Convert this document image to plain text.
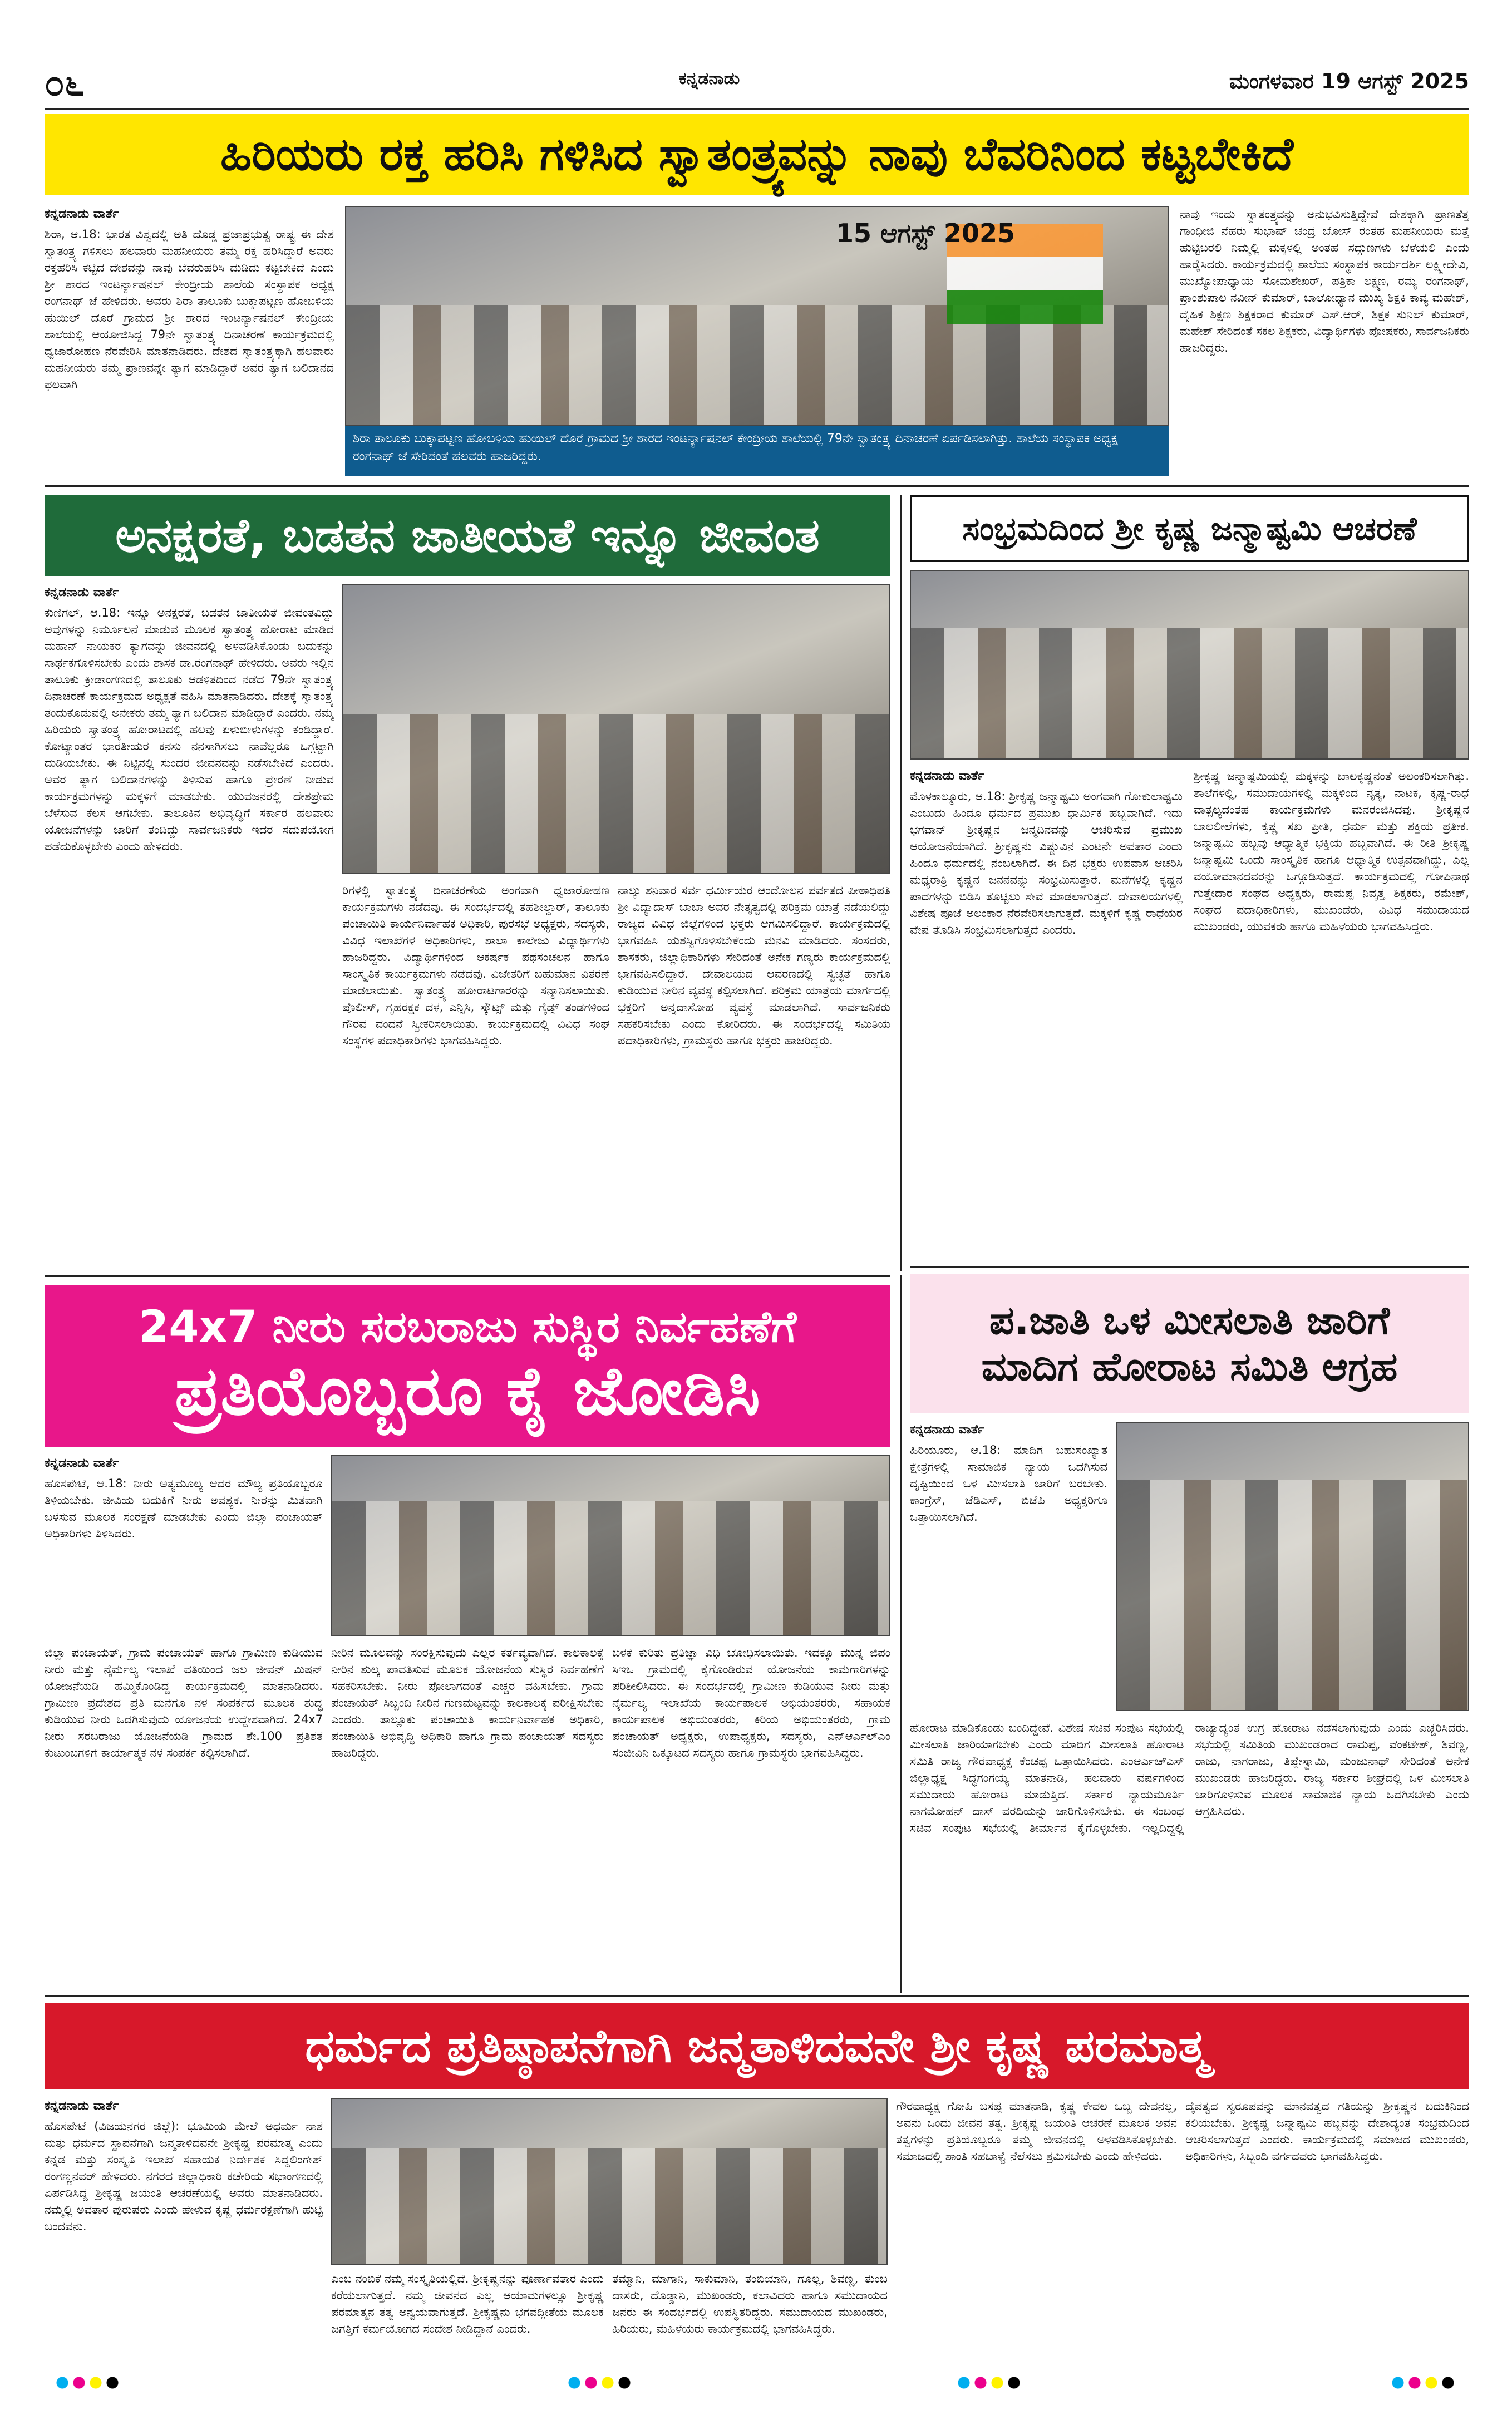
೦೬	ಕನ್ನಡನಾಡು	ಮಂಗಳವಾರ 19 ಆಗಸ್ಟ್ 2025
ಹಿರಿಯರು ರಕ್ತ ಹರಿಸಿ ಗಳಿಸಿದ ಸ್ವಾತಂತ್ರ್ಯವನ್ನು ನಾವು ಬೆವರಿನಿಂದ ಕಟ್ಟಬೇಕಿದೆ

ಕನ್ನಡನಾಡು ವಾರ್ತೆ

ಶಿರಾ, ಆ.18: ಭಾರತ ವಿಶ್ವದಲ್ಲಿ ಅತಿ ದೊಡ್ಡ ಪ್ರಜಾಪ್ರಭುತ್ವ ರಾಷ್ಟ್ರ ಈ ದೇಶ ಸ್ವಾತಂತ್ರ್ಯ ಗಳಿಸಲು ಹಲವಾರು ಮಹನೀಯರು ತಮ್ಮ ರಕ್ತ ಹರಿಸಿದ್ದಾರೆ ಅವರು ರಕ್ತಹರಿಸಿ ಕಟ್ಟಿದ ದೇಶವನ್ನು ನಾವು ಬೆವರುಹರಿಸಿ ದುಡಿದು ಕಟ್ಟಬೇಕಿದೆ ಎಂದು ಶ್ರೀ ಶಾರದ ಇಂಟರ್ನ್ಯಾಷನಲ್ ಕೇಂದ್ರೀಯ ಶಾಲೆಯ ಸಂಸ್ಥಾಪಕ ಅಧ್ಯಕ್ಷ ರಂಗನಾಥ್ ಜೆ ಹೇಳಿದರು. ಅವರು ಶಿರಾ ತಾಲೂಕು ಬುಕ್ಕಾಪಟ್ಟಣ ಹೋಬಳಿಯ ಹುಯಿಲ್ ದೊರೆ ಗ್ರಾಮದ ಶ್ರೀ ಶಾರದ ಇಂಟರ್ನ್ಯಾಷನಲ್ ಕೇಂದ್ರೀಯ ಶಾಲೆಯಲ್ಲಿ ಆಯೋಜಿಸಿದ್ದ 79ನೇ ಸ್ವಾತಂತ್ರ್ಯ ದಿನಾಚರಣೆ ಕಾರ್ಯಕ್ರಮದಲ್ಲಿ ಧ್ವಜಾರೋಹಣ ನೆರವೇರಿಸಿ ಮಾತನಾಡಿದರು. ದೇಶದ ಸ್ವಾತಂತ್ರ್ಯಕ್ಕಾಗಿ ಹಲವಾರು ಮಹನೀಯರು ತಮ್ಮ ಪ್ರಾಣವನ್ನೇ ತ್ಯಾಗ ಮಾಡಿದ್ದಾರೆ ಅವರ ತ್ಯಾಗ ಬಲಿದಾನದ ಫಲವಾಗಿ

15 ಆಗಸ್ಟ್ 2025
ಶಿರಾ ತಾಲೂಕು ಬುಕ್ಕಾಪಟ್ಟಣ ಹೋಬಳಿಯ ಹುಯಿಲ್ ದೊರೆ ಗ್ರಾಮದ ಶ್ರೀ ಶಾರದ ಇಂಟರ್ನ್ಯಾಷನಲ್ ಕೇಂದ್ರೀಯ ಶಾಲೆಯಲ್ಲಿ 79ನೇ ಸ್ವಾತಂತ್ರ್ಯ ದಿನಾಚರಣೆ ಏರ್ಪಡಿಸಲಾಗಿತ್ತು. ಶಾಲೆಯ ಸಂಸ್ಥಾಪಕ ಅಧ್ಯಕ್ಷ ರಂಗನಾಥ್ ಜೆ ಸೇರಿದಂತೆ ಹಲವರು ಹಾಜರಿದ್ದರು.

ನಾವು ಇಂದು ಸ್ವಾತಂತ್ರ್ಯವನ್ನು ಅನುಭವಿಸುತ್ತಿದ್ದೇವೆ ದೇಶಕ್ಕಾಗಿ ಪ್ರಾಣತೆತ್ತ ಗಾಂಧೀಜಿ ನೆಹರು ಸುಭಾಷ್ ಚಂದ್ರ ಬೋಸ್ ರಂತಹ ಮಹನೀಯರು ಮತ್ತೆ ಹುಟ್ಟಿಬರಲಿ ನಿಮ್ಮಲ್ಲಿ ಮಕ್ಕಳಲ್ಲಿ ಅಂತಹ ಸದ್ಗುಣಗಳು ಬೆಳೆಯಲಿ ಎಂದು ಹಾರೈಸಿದರು. ಕಾರ್ಯಕ್ರಮದಲ್ಲಿ ಶಾಲೆಯ ಸಂಸ್ಥಾಪಕ ಕಾರ್ಯದರ್ಶಿ ಲಕ್ಷ್ಮೀದೇವಿ, ಮುಖ್ಯೋಪಾಧ್ಯಾಯ ಸೋಮಶೇಖರ್, ಪತ್ರಿಕಾ ಲಕ್ಷ್ಮಣ, ರಮ್ಯ ರಂಗನಾಥ್, ಪ್ರಾಂಶುಪಾಲ ನವೀನ್ ಕುಮಾರ್, ಬಾಲೋಧ್ಯಾನ ಮುಖ್ಯ ಶಿಕ್ಷಕಿ ಕಾವ್ಯ ಮಹೇಶ್, ದೈಹಿಕ ಶಿಕ್ಷಣ ಶಿಕ್ಷಕರಾದ ಕುಮಾರ್ ಎಸ್.ಆರ್, ಶಿಕ್ಷಕ ಸುನಿಲ್ ಕುಮಾರ್, ಮಹೇಶ್ ಸೇರಿದಂತೆ ಸಕಲ ಶಿಕ್ಷಕರು, ವಿದ್ಯಾರ್ಥಿಗಳು ಪೋಷಕರು, ಸಾರ್ವಜನಿಕರು ಹಾಜರಿದ್ದರು.

ಅನಕ್ಷರತೆ, ಬಡತನ ಜಾತೀಯತೆ ಇನ್ನೂ ಜೀವಂತ

ಕನ್ನಡನಾಡು ವಾರ್ತೆ

ಕುಣಿಗಲ್, ಆ.18: ಇನ್ನೂ ಅನಕ್ಷರತೆ, ಬಡತನ ಜಾತೀಯತೆ ಜೀವಂತವಿದ್ದು ಅವುಗಳನ್ನು ನಿರ್ಮೂಲನೆ ಮಾಡುವ ಮೂಲಕ ಸ್ವಾತಂತ್ರ್ಯ ಹೋರಾಟ ಮಾಡಿದ ಮಹಾನ್ ನಾಯಕರ ತ್ಯಾಗವನ್ನು ಜೀವನದಲ್ಲಿ ಅಳವಡಿಸಿಕೊಂಡು ಬದುಕನ್ನು ಸಾರ್ಥಕಗೊಳಿಸಬೇಕು ಎಂದು ಶಾಸಕ ಡಾ.ರಂಗನಾಥ್ ಹೇಳಿದರು. ಅವರು ಇಲ್ಲಿನ ತಾಲೂಕು ಕ್ರೀಡಾಂಗಣದಲ್ಲಿ ತಾಲೂಕು ಆಡಳಿತದಿಂದ ನಡೆದ 79ನೇ ಸ್ವಾತಂತ್ರ್ಯ ದಿನಾಚರಣೆ ಕಾರ್ಯಕ್ರಮದ ಅಧ್ಯಕ್ಷತೆ ವಹಿಸಿ ಮಾತನಾಡಿದರು. ದೇಶಕ್ಕೆ ಸ್ವಾತಂತ್ರ್ಯ ತಂದುಕೊಡುವಲ್ಲಿ ಅನೇಕರು ತಮ್ಮ ತ್ಯಾಗ ಬಲಿದಾನ ಮಾಡಿದ್ದಾರೆ ಎಂದರು. ನಮ್ಮ ಹಿರಿಯರು ಸ್ವಾತಂತ್ರ್ಯ ಹೋರಾಟದಲ್ಲಿ ಹಲವು ಏಳುಬೀಳುಗಳನ್ನು ಕಂಡಿದ್ದಾರೆ. ಕೋಟ್ಯಾಂತರ ಭಾರತೀಯರ ಕನಸು ನನಸಾಗಿಸಲು ನಾವೆಲ್ಲರೂ ಒಗ್ಗಟ್ಟಾಗಿ ದುಡಿಯಬೇಕು. ಈ ನಿಟ್ಟಿನಲ್ಲಿ ಸುಂದರ ಜೀವನವನ್ನು ನಡೆಸಬೇಕಿದೆ ಎಂದರು. ಅವರ ತ್ಯಾಗ ಬಲಿದಾನಗಳನ್ನು ತಿಳಿಸುವ ಹಾಗೂ ಪ್ರೇರಣೆ ನೀಡುವ ಕಾರ್ಯಕ್ರಮಗಳನ್ನು ಮಕ್ಕಳಿಗೆ ಮಾಡಬೇಕು. ಯುವಜನರಲ್ಲಿ ದೇಶಪ್ರೇಮ ಬೆಳೆಸುವ ಕೆಲಸ ಆಗಬೇಕು. ತಾಲೂಕಿನ ಅಭಿವೃದ್ಧಿಗೆ ಸರ್ಕಾರ ಹಲವಾರು ಯೋಜನೆಗಳನ್ನು ಜಾರಿಗೆ ತಂದಿದ್ದು ಸಾರ್ವಜನಿಕರು ಇದರ ಸದುಪಯೋಗ ಪಡೆದುಕೊಳ್ಳಬೇಕು ಎಂದು ಹೇಳಿದರು.

ರಿಗಳಲ್ಲಿ ಸ್ವಾತಂತ್ರ್ಯ ದಿನಾಚರಣೆಯ ಅಂಗವಾಗಿ ಧ್ವಜಾರೋಹಣ ಕಾರ್ಯಕ್ರಮಗಳು ನಡೆದವು. ಈ ಸಂದರ್ಭದಲ್ಲಿ ತಹಶೀಲ್ದಾರ್, ತಾಲೂಕು ಪಂಚಾಯಿತಿ ಕಾರ್ಯನಿರ್ವಾಹಕ ಅಧಿಕಾರಿ, ಪುರಸಭೆ ಅಧ್ಯಕ್ಷರು, ಸದಸ್ಯರು, ವಿವಿಧ ಇಲಾಖೆಗಳ ಅಧಿಕಾರಿಗಳು, ಶಾಲಾ ಕಾಲೇಜು ವಿದ್ಯಾರ್ಥಿಗಳು ಹಾಜರಿದ್ದರು. ವಿದ್ಯಾರ್ಥಿಗಳಿಂದ ಆಕರ್ಷಕ ಪಥಸಂಚಲನ ಹಾಗೂ ಸಾಂಸ್ಕೃತಿಕ ಕಾರ್ಯಕ್ರಮಗಳು ನಡೆದವು. ವಿಜೇತರಿಗೆ ಬಹುಮಾನ ವಿತರಣೆ ಮಾಡಲಾಯಿತು. ಸ್ವಾತಂತ್ರ್ಯ ಹೋರಾಟಗಾರರನ್ನು ಸನ್ಮಾನಿಸಲಾಯಿತು. ಪೊಲೀಸ್, ಗೃಹರಕ್ಷಕ ದಳ, ಎನ್ಸಿಸಿ, ಸ್ಕೌಟ್ಸ್ ಮತ್ತು ಗೈಡ್ಸ್ ತಂಡಗಳಿಂದ ಗೌರವ ವಂದನೆ ಸ್ವೀಕರಿಸಲಾಯಿತು. ಕಾರ್ಯಕ್ರಮದಲ್ಲಿ ವಿವಿಧ ಸಂಘ ಸಂಸ್ಥೆಗಳ ಪದಾಧಿಕಾರಿಗಳು ಭಾಗವಹಿಸಿದ್ದರು.

ನಾಲ್ಕು ಶನಿವಾರ ಸರ್ವ ಧರ್ಮೀಯರ ಆಂದೋಲನ ಪರ್ವತದ ಪೀಠಾಧಿಪತಿ ಶ್ರೀ ವಿದ್ಯಾದಾಸ್ ಬಾಬಾ ಅವರ ನೇತೃತ್ವದಲ್ಲಿ ಪರಿಕ್ರಮ ಯಾತ್ರೆ ನಡೆಯಲಿದ್ದು ರಾಜ್ಯದ ವಿವಿಧ ಜಿಲ್ಲೆಗಳಿಂದ ಭಕ್ತರು ಆಗಮಿಸಲಿದ್ದಾರೆ. ಕಾರ್ಯಕ್ರಮದಲ್ಲಿ ಭಾಗವಹಿಸಿ ಯಶಸ್ವಿಗೊಳಿಸಬೇಕೆಂದು ಮನವಿ ಮಾಡಿದರು. ಸಂಸದರು, ಶಾಸಕರು, ಜಿಲ್ಲಾಧಿಕಾರಿಗಳು ಸೇರಿದಂತೆ ಅನೇಕ ಗಣ್ಯರು ಕಾರ್ಯಕ್ರಮದಲ್ಲಿ ಭಾಗವಹಿಸಲಿದ್ದಾರೆ. ದೇವಾಲಯದ ಆವರಣದಲ್ಲಿ ಸ್ವಚ್ಛತೆ ಹಾಗೂ ಕುಡಿಯುವ ನೀರಿನ ವ್ಯವಸ್ಥೆ ಕಲ್ಪಿಸಲಾಗಿದೆ. ಪರಿಕ್ರಮ ಯಾತ್ರೆಯ ಮಾರ್ಗದಲ್ಲಿ ಭಕ್ತರಿಗೆ ಅನ್ನದಾಸೋಹ ವ್ಯವಸ್ಥೆ ಮಾಡಲಾಗಿದೆ. ಸಾರ್ವಜನಿಕರು ಸಹಕರಿಸಬೇಕು ಎಂದು ಕೋರಿದರು. ಈ ಸಂದರ್ಭದಲ್ಲಿ ಸಮಿತಿಯ ಪದಾಧಿಕಾರಿಗಳು, ಗ್ರಾಮಸ್ಥರು ಹಾಗೂ ಭಕ್ತರು ಹಾಜರಿದ್ದರು.

ಸಂಭ್ರಮದಿಂದ ಶ್ರೀ ಕೃಷ್ಣ ಜನ್ಮಾಷ್ಟಮಿ ಆಚರಣೆ

ಕನ್ನಡನಾಡು ವಾರ್ತೆ

ಮೊಳಕಾಲ್ಮೂರು, ಆ.18: ಶ್ರೀಕೃಷ್ಣ ಜನ್ಮಾಷ್ಟಮಿ ಅಂಗವಾಗಿ ಗೋಕುಲಾಷ್ಟಮಿ ಎಂಬುದು ಹಿಂದೂ ಧರ್ಮದ ಪ್ರಮುಖ ಧಾರ್ಮಿಕ ಹಬ್ಬವಾಗಿದೆ. ಇದು ಭಗವಾನ್ ಶ್ರೀಕೃಷ್ಣನ ಜನ್ಮದಿನವನ್ನು ಆಚರಿಸುವ ಪ್ರಮುಖ ಆಯೋಜನೆಯಾಗಿದೆ. ಶ್ರೀಕೃಷ್ಣನು ವಿಷ್ಣುವಿನ ಎಂಟನೇ ಅವತಾರ ಎಂದು ಹಿಂದೂ ಧರ್ಮದಲ್ಲಿ ನಂಬಲಾಗಿದೆ. ಈ ದಿನ ಭಕ್ತರು ಉಪವಾಸ ಆಚರಿಸಿ ಮಧ್ಯರಾತ್ರಿ ಕೃಷ್ಣನ ಜನನವನ್ನು ಸಂಭ್ರಮಿಸುತ್ತಾರೆ. ಮನೆಗಳಲ್ಲಿ ಕೃಷ್ಣನ ಪಾದಗಳನ್ನು ಬಿಡಿಸಿ ತೊಟ್ಟಿಲು ಸೇವೆ ಮಾಡಲಾಗುತ್ತದೆ. ದೇವಾಲಯಗಳಲ್ಲಿ ವಿಶೇಷ ಪೂಜೆ ಅಲಂಕಾರ ನೆರವೇರಿಸಲಾಗುತ್ತದೆ. ಮಕ್ಕಳಿಗೆ ಕೃಷ್ಣ ರಾಧೆಯರ ವೇಷ ತೊಡಿಸಿ ಸಂಭ್ರಮಿಸಲಾಗುತ್ತದೆ ಎಂದರು.

ಶ್ರೀಕೃಷ್ಣ ಜನ್ಮಾಷ್ಟಮಿಯಲ್ಲಿ ಮಕ್ಕಳನ್ನು ಬಾಲಕೃಷ್ಣನಂತೆ ಅಲಂಕರಿಸಲಾಗಿತ್ತು. ಶಾಲೆಗಳಲ್ಲಿ, ಸಮುದಾಯಗಳಲ್ಲಿ ಮಕ್ಕಳಿಂದ ನೃತ್ಯ, ನಾಟಕ, ಕೃಷ್ಣ-ರಾಧೆ ವಾತ್ಸಲ್ಯದಂತಹ ಕಾರ್ಯಕ್ರಮಗಳು ಮನರಂಜಿಸಿದವು. ಶ್ರೀಕೃಷ್ಣನ ಬಾಲಲೀಲೆಗಳು, ಕೃಷ್ಣ ಸಖ ಪ್ರೀತಿ, ಧರ್ಮ ಮತ್ತು ಶಕ್ತಿಯ ಪ್ರತೀಕ. ಜನ್ಮಾಷ್ಟಮಿ ಹಬ್ಬವು ಆಧ್ಯಾತ್ಮಿಕ ಭಕ್ತಿಯ ಹಬ್ಬವಾಗಿದೆ. ಈ ರೀತಿ ಶ್ರೀಕೃಷ್ಣ ಜನ್ಮಾಷ್ಟಮಿ ಒಂದು ಸಾಂಸ್ಕೃತಿಕ ಹಾಗೂ ಆಧ್ಯಾತ್ಮಿಕ ಉತ್ಸವವಾಗಿದ್ದು, ಎಲ್ಲ ವಯೋಮಾನದವರನ್ನು ಒಗ್ಗೂಡಿಸುತ್ತದೆ. ಕಾರ್ಯಕ್ರಮದಲ್ಲಿ ಗೋಪಿನಾಥ ಗುತ್ತೇದಾರ ಸಂಘದ ಅಧ್ಯಕ್ಷರು, ರಾಮಪ್ಪ ನಿವೃತ್ತ ಶಿಕ್ಷಕರು, ರಮೇಶ್, ಸಂಘದ ಪದಾಧಿಕಾರಿಗಳು, ಮುಖಂಡರು, ವಿವಿಧ ಸಮುದಾಯದ ಮುಖಂಡರು, ಯುವಕರು ಹಾಗೂ ಮಹಿಳೆಯರು ಭಾಗವಹಿಸಿದ್ದರು.

ಪ.ಜಾತಿ ಒಳ ಮೀಸಲಾತಿ ಜಾರಿಗೆ
ಮಾದಿಗ ಹೋರಾಟ ಸಮಿತಿ ಆಗ್ರಹ

ಕನ್ನಡನಾಡು ವಾರ್ತೆ

ಹಿರಿಯೂರು, ಆ.18: ಮಾದಿಗ ಬಹುಸಂಖ್ಯಾತ ಕ್ಷೇತ್ರಗಳಲ್ಲಿ ಸಾಮಾಜಿಕ ನ್ಯಾಯ ಒದಗಿಸುವ ದೃಷ್ಟಿಯಿಂದ ಒಳ ಮೀಸಲಾತಿ ಜಾರಿಗೆ ಬರಬೇಕು. ಕಾಂಗ್ರೆಸ್, ಜೆಡಿಎಸ್, ಬಿಜೆಪಿ ಅಧ್ಯಕ್ಷರಿಗೂ ಒತ್ತಾಯಿಸಲಾಗಿದೆ.

ಹೋರಾಟ ಮಾಡಿಕೊಂಡು ಬಂದಿದ್ದೇವೆ. ವಿಶೇಷ ಸಚಿವ ಸಂಪುಟ ಸಭೆಯಲ್ಲಿ ಮೀಸಲಾತಿ ಜಾರಿಯಾಗಬೇಕು ಎಂದು ಮಾದಿಗ ಮೀಸಲಾತಿ ಹೋರಾಟ ಸಮಿತಿ ರಾಜ್ಯ ಗೌರವಾಧ್ಯಕ್ಷ ಕೆಂಚಪ್ಪ ಒತ್ತಾಯಿಸಿದರು. ಎಂಆರ್ಎಚ್ಎಸ್ ಜಿಲ್ಲಾಧ್ಯಕ್ಷ ಸಿದ್ಧಗಂಗಯ್ಯ ಮಾತನಾಡಿ, ಹಲವಾರು ವರ್ಷಗಳಿಂದ ಸಮುದಾಯ ಹೋರಾಟ ಮಾಡುತ್ತಿದೆ. ಸರ್ಕಾರ ನ್ಯಾಯಮೂರ್ತಿ ನಾಗಮೋಹನ್ ದಾಸ್ ವರದಿಯನ್ನು ಜಾರಿಗೊಳಿಸಬೇಕು. ಈ ಸಂಬಂಧ ಸಚಿವ ಸಂಪುಟ ಸಭೆಯಲ್ಲಿ ತೀರ್ಮಾನ ಕೈಗೊಳ್ಳಬೇಕು. ಇಲ್ಲದಿದ್ದಲ್ಲಿ ರಾಜ್ಯಾದ್ಯಂತ ಉಗ್ರ ಹೋರಾಟ ನಡೆಸಲಾಗುವುದು ಎಂದು ಎಚ್ಚರಿಸಿದರು. ಸಭೆಯಲ್ಲಿ ಸಮಿತಿಯ ಮುಖಂಡರಾದ ರಾಮಪ್ಪ, ವೆಂಕಟೇಶ್, ಶಿವಣ್ಣ, ರಾಜು, ನಾಗರಾಜು, ತಿಪ್ಪೇಸ್ವಾಮಿ, ಮಂಜುನಾಥ್ ಸೇರಿದಂತೆ ಅನೇಕ ಮುಖಂಡರು ಹಾಜರಿದ್ದರು. ರಾಜ್ಯ ಸರ್ಕಾರ ಶೀಘ್ರದಲ್ಲಿ ಒಳ ಮೀಸಲಾತಿ ಜಾರಿಗೊಳಿಸುವ ಮೂಲಕ ಸಾಮಾಜಿಕ ನ್ಯಾಯ ಒದಗಿಸಬೇಕು ಎಂದು ಆಗ್ರಹಿಸಿದರು.

24x7 ನೀರು ಸರಬರಾಜು ಸುಸ್ಥಿರ ನಿರ್ವಹಣೆಗೆ
ಪ್ರತಿಯೊಬ್ಬರೂ ಕೈ ಜೋಡಿಸಿ

ಕನ್ನಡನಾಡು ವಾರ್ತೆ

ಹೊಸಪೇಟೆ, ಆ.18: ನೀರು ಅತ್ಯಮೂಲ್ಯ ಆದರ ಮೌಲ್ಯ ಪ್ರತಿಯೊಬ್ಬರೂ ತಿಳಿಯಬೇಕು. ಜೀವಿಯ ಬದುಕಿಗೆ ನೀರು ಅವಶ್ಯಕ. ನೀರನ್ನು ಮಿತವಾಗಿ ಬಳಸುವ ಮೂಲಕ ಸಂರಕ್ಷಣೆ ಮಾಡಬೇಕು ಎಂದು ಜಿಲ್ಲಾ ಪಂಚಾಯತ್ ಅಧಿಕಾರಿಗಳು ತಿಳಿಸಿದರು.

ಜಿಲ್ಲಾ ಪಂಚಾಯತ್, ಗ್ರಾಮ ಪಂಚಾಯತ್ ಹಾಗೂ ಗ್ರಾಮೀಣ ಕುಡಿಯುವ ನೀರು ಮತ್ತು ನೈರ್ಮಲ್ಯ ಇಲಾಖೆ ವತಿಯಿಂದ ಜಲ ಜೀವನ್ ಮಿಷನ್ ಯೋಜನೆಯಡಿ ಹಮ್ಮಿಕೊಂಡಿದ್ದ ಕಾರ್ಯಕ್ರಮದಲ್ಲಿ ಮಾತನಾಡಿದರು. ಗ್ರಾಮೀಣ ಪ್ರದೇಶದ ಪ್ರತಿ ಮನೆಗೂ ನಳ ಸಂಪರ್ಕದ ಮೂಲಕ ಶುದ್ಧ ಕುಡಿಯುವ ನೀರು ಒದಗಿಸುವುದು ಯೋಜನೆಯ ಉದ್ದೇಶವಾಗಿದೆ. 24x7 ನೀರು ಸರಬರಾಜು ಯೋಜನೆಯಡಿ ಗ್ರಾಮದ ಶೇ.100 ಪ್ರತಿಶತ ಕುಟುಂಬಗಳಿಗೆ ಕಾರ್ಯಾತ್ಮಕ ನಳ ಸಂಪರ್ಕ ಕಲ್ಪಿಸಲಾಗಿದೆ.

ನೀರಿನ ಮೂಲವನ್ನು ಸಂರಕ್ಷಿಸುವುದು ಎಲ್ಲರ ಕರ್ತವ್ಯವಾಗಿದೆ. ಕಾಲಕಾಲಕ್ಕೆ ನೀರಿನ ಶುಲ್ಕ ಪಾವತಿಸುವ ಮೂಲಕ ಯೋಜನೆಯ ಸುಸ್ಥಿರ ನಿರ್ವಹಣೆಗೆ ಸಹಕರಿಸಬೇಕು. ನೀರು ಪೋಲಾಗದಂತೆ ಎಚ್ಚರ ವಹಿಸಬೇಕು. ಗ್ರಾಮ ಪಂಚಾಯತ್ ಸಿಬ್ಬಂದಿ ನೀರಿನ ಗುಣಮಟ್ಟವನ್ನು ಕಾಲಕಾಲಕ್ಕೆ ಪರೀಕ್ಷಿಸಬೇಕು ಎಂದರು. ತಾಲ್ಲೂಕು ಪಂಚಾಯಿತಿ ಕಾರ್ಯನಿರ್ವಾಹಕ ಅಧಿಕಾರಿ, ಪಂಚಾಯಿತಿ ಅಭಿವೃದ್ಧಿ ಅಧಿಕಾರಿ ಹಾಗೂ ಗ್ರಾಮ ಪಂಚಾಯತ್ ಸದಸ್ಯರು ಹಾಜರಿದ್ದರು.

ಬಳಕೆ ಕುರಿತು ಪ್ರತಿಜ್ಞಾ ವಿಧಿ ಬೋಧಿಸಲಾಯಿತು. ಇದಕ್ಕೂ ಮುನ್ನ ಜಿಪಂ ಸಿಇಒ ಗ್ರಾಮದಲ್ಲಿ ಕೈಗೊಂಡಿರುವ ಯೋಜನೆಯ ಕಾಮಗಾರಿಗಳನ್ನು ಪರಿಶೀಲಿಸಿದರು. ಈ ಸಂದರ್ಭದಲ್ಲಿ ಗ್ರಾಮೀಣ ಕುಡಿಯುವ ನೀರು ಮತ್ತು ನೈರ್ಮಲ್ಯ ಇಲಾಖೆಯ ಕಾರ್ಯಪಾಲಕ ಅಭಿಯಂತರರು, ಸಹಾಯಕ ಕಾರ್ಯಪಾಲಕ ಅಭಿಯಂತರರು, ಕಿರಿಯ ಅಭಿಯಂತರರು, ಗ್ರಾಮ ಪಂಚಾಯತ್ ಅಧ್ಯಕ್ಷರು, ಉಪಾಧ್ಯಕ್ಷರು, ಸದಸ್ಯರು, ಎನ್ಆರ್ಎಲ್ಎಂ ಸಂಜೀವಿನಿ ಒಕ್ಕೂಟದ ಸದಸ್ಯರು ಹಾಗೂ ಗ್ರಾಮಸ್ಥರು ಭಾಗವಹಿಸಿದ್ದರು.

ಧರ್ಮದ ಪ್ರತಿಷ್ಠಾಪನೆಗಾಗಿ ಜನ್ಮತಾಳಿದವನೇ ಶ್ರೀ ಕೃಷ್ಣ ಪರಮಾತ್ಮ

ಕನ್ನಡನಾಡು ವಾರ್ತೆ

ಹೊಸಪೇಟೆ (ವಿಜಯನಗರ ಜಿಲ್ಲೆ): ಭೂಮಿಯ ಮೇಲೆ ಅಧರ್ಮ ನಾಶ ಮತ್ತು ಧರ್ಮದ ಸ್ಥಾಪನೆಗಾಗಿ ಜನ್ಮತಾಳಿದವನೇ ಶ್ರೀಕೃಷ್ಣ ಪರಮಾತ್ಮ ಎಂದು ಕನ್ನಡ ಮತ್ತು ಸಂಸ್ಕೃತಿ ಇಲಾಖೆ ಸಹಾಯಕ ನಿರ್ದೇಶಕ ಸಿದ್ದಲಿಂಗೇಶ್ ರಂಗಣ್ಣನವರ್ ಹೇಳಿದರು. ನಗರದ ಜಿಲ್ಲಾಧಿಕಾರಿ ಕಚೇರಿಯ ಸಭಾಂಗಣದಲ್ಲಿ ಏರ್ಪಡಿಸಿದ್ದ ಶ್ರೀಕೃಷ್ಣ ಜಯಂತಿ ಆಚರಣೆಯಲ್ಲಿ ಅವರು ಮಾತನಾಡಿದರು. ನಮ್ಮಲ್ಲಿ ಅವತಾರ ಪುರುಷರು ಎಂದು ಹೇಳುವ ಕೃಷ್ಣ ಧರ್ಮರಕ್ಷಣೆಗಾಗಿ ಹುಟ್ಟಿ ಬಂದವನು.

ಎಂಬ ನಂಬಿಕೆ ನಮ್ಮ ಸಂಸ್ಕೃತಿಯಲ್ಲಿದೆ. ಶ್ರೀಕೃಷ್ಣನನ್ನು ಪೂರ್ಣಾವತಾರ ಎಂದು ಕರೆಯಲಾಗುತ್ತದೆ. ನಮ್ಮ ಜೀವನದ ಎಲ್ಲ ಆಯಾಮಗಳಲ್ಲೂ ಶ್ರೀಕೃಷ್ಣ ಪರಮಾತ್ಮನ ತತ್ವ ಅನ್ವಯವಾಗುತ್ತದೆ. ಶ್ರೀಕೃಷ್ಣನು ಭಗವದ್ಗೀತೆಯ ಮೂಲಕ ಜಗತ್ತಿಗೆ ಕರ್ಮಯೋಗದ ಸಂದೇಶ ನೀಡಿದ್ದಾನೆ ಎಂದರು.

ತಮ್ಮಾನಿ, ಮಾಗಾನಿ, ಸಾಕುಮಾನಿ, ತಂಬಿಯಾನಿ, ಗೊಲ್ಲ, ಶಿವಣ್ಣ, ತುಂಬ ದಾಸರು, ದೊಡ್ಡಾನಿ, ಮುಖಂಡರು, ಕಲಾವಿದರು ಹಾಗೂ ಸಮುದಾಯದ ಜನರು ಈ ಸಂದರ್ಭದಲ್ಲಿ ಉಪಸ್ಥಿತರಿದ್ದರು. ಸಮುದಾಯದ ಮುಖಂಡರು, ಹಿರಿಯರು, ಮಹಿಳೆಯರು ಕಾರ್ಯಕ್ರಮದಲ್ಲಿ ಭಾಗವಹಿಸಿದ್ದರು.

ಗೌರವಾಧ್ಯಕ್ಷ ಗೋಪಿ ಬಸಪ್ಪ ಮಾತನಾಡಿ, ಕೃಷ್ಣ ಕೇವಲ ಒಬ್ಬ ದೇವನಲ್ಲ, ಅವನು ಒಂದು ಜೀವನ ತತ್ವ. ಶ್ರೀಕೃಷ್ಣ ಜಯಂತಿ ಆಚರಣೆ ಮೂಲಕ ಅವನ ತತ್ವಗಳನ್ನು ಪ್ರತಿಯೊಬ್ಬರೂ ತಮ್ಮ ಜೀವನದಲ್ಲಿ ಅಳವಡಿಸಿಕೊಳ್ಳಬೇಕು. ಸಮಾಜದಲ್ಲಿ ಶಾಂತಿ ಸಹಬಾಳ್ವೆ ನೆಲೆಸಲು ಶ್ರಮಿಸಬೇಕು ಎಂದು ಹೇಳಿದರು.

ದೈವತ್ವದ ಸ್ವರೂಪವನ್ನು ಮಾನವತ್ವದ ಗತಿಯನ್ನು ಶ್ರೀಕೃಷ್ಣನ ಬದುಕಿನಿಂದ ಕಲಿಯಬೇಕು. ಶ್ರೀಕೃಷ್ಣ ಜನ್ಮಾಷ್ಟಮಿ ಹಬ್ಬವನ್ನು ದೇಶಾದ್ಯಂತ ಸಂಭ್ರಮದಿಂದ ಆಚರಿಸಲಾಗುತ್ತದೆ ಎಂದರು. ಕಾರ್ಯಕ್ರಮದಲ್ಲಿ ಸಮಾಜದ ಮುಖಂಡರು, ಅಧಿಕಾರಿಗಳು, ಸಿಬ್ಬಂದಿ ವರ್ಗದವರು ಭಾಗವಹಿಸಿದ್ದರು.
